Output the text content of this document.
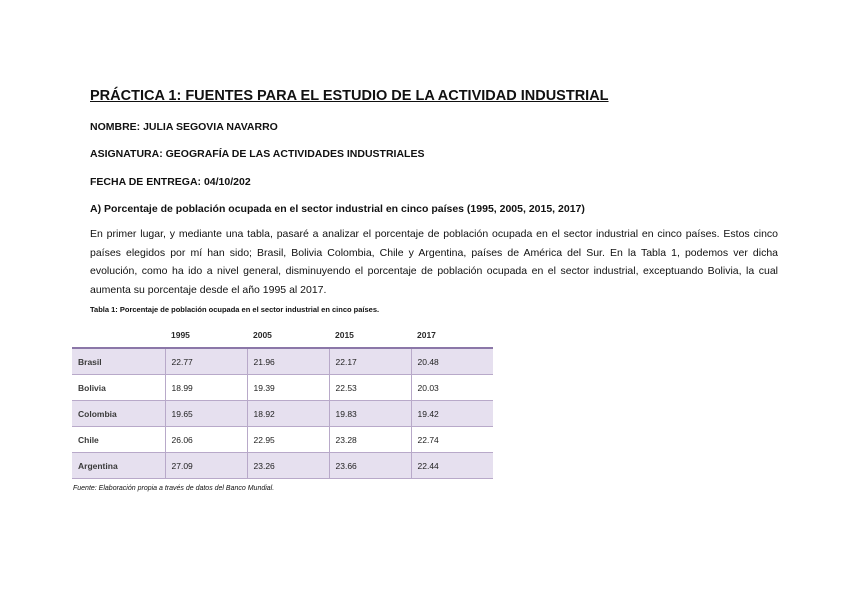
PRÁCTICA 1: FUENTES PARA EL ESTUDIO DE LA ACTIVIDAD INDUSTRIAL
NOMBRE: JULIA SEGOVIA NAVARRO
ASIGNATURA: GEOGRAFÍA DE LAS ACTIVIDADES INDUSTRIALES
FECHA DE ENTREGA: 04/10/202
A) Porcentaje de población ocupada en el sector industrial en cinco países (1995, 2005, 2015, 2017)
En primer lugar, y mediante una tabla, pasaré a analizar el porcentaje de población ocupada en el sector industrial en cinco países. Estos cinco países elegidos por mí han sido; Brasil, Bolivia Colombia, Chile y Argentina, países de América del Sur. En la Tabla 1, podemos ver dicha evolución, como ha ido a nivel general, disminuyendo el porcentaje de población ocupada en el sector industrial, exceptuando Bolivia, la cual aumenta su porcentaje desde el año 1995 al 2017.
Tabla 1: Porcentaje de población ocupada en el sector industrial en cinco países.
	1995	2005	2015	2017
Brasil	22.77	21.96	22.17	20.48
Bolivia	18.99	19.39	22.53	20.03
Colombia	19.65	18.92	19.83	19.42
Chile	26.06	22.95	23.28	22.74
Argentina	27.09	23.26	23.66	22.44
Fuente: Elaboración propia a través de datos del Banco Mundial.
